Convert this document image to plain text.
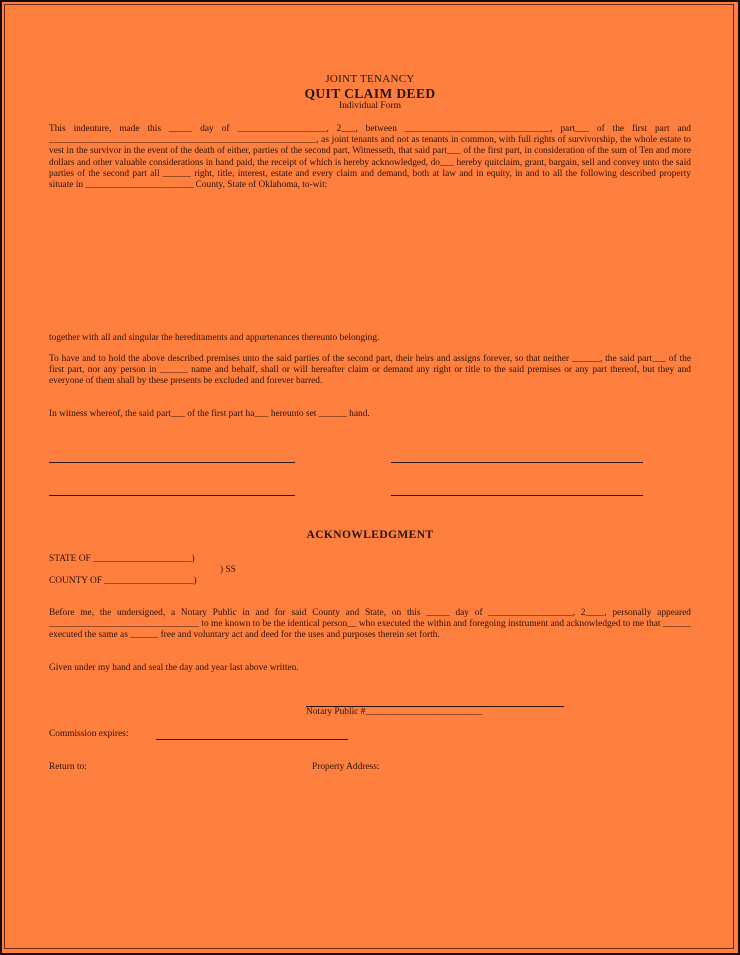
JOINT TENANCY
QUIT CLAIM DEED
Individual Form
This indenture, made this _____ day of ___________________, 2___, between _______________________________, part___ of the first part and _________________________________________________________, as joint tenants and not as tenants in common, with full rights of survivorship, the whole estate to vest in the survivor in the event of the death of either, parties of the second part, Witnesseth, that said part___ of the first part, in consideration of the sum of Ten and more dollars and other valuable considerations in hand paid, the receipt of which is hereby acknowledged, do___ hereby quitclaim, grant, bargain, sell and convey unto the said parties of the second part all ______ right, title, interest, estate and every claim and demand, both at law and in equity, in and to all the following described property situate in _______________________ County, State of Oklahoma, to-wit:
together with all and singular the hereditaments and appurtenances thereunto belonging.
To have and to hold the above described premises unto the said parties of the second part, their heirs and assigns forever, so that neither ______, the said part___ of the first part, nor any person in ______ name and behalf, shall or will hereafter claim or demand any right or title to the said premises or any part thereof, but they and everyone of them shall by these presents be excluded and forever barred.
In witness whereof, the said part___ of the first part ha___ hereunto set ______ hand.
ACKNOWLEDGMENT
STATE OF _____________________)
) SS
COUNTY OF ___________________)
Before me, the undersigned, a Notary Public in and for said County and State, on this _____ day of __________________, 2____, personally appeared ________________________________ to me known to be the identical person__ who executed the within and foregoing instrument and acknowledged to me that ______ executed the same as ______ free and voluntary act and deed for the uses and purposes therein set forth.
Given under my hand and seal the day and year last above written.
Notary Public #_________________________
Commission expires:
Return to:	Property Address:
